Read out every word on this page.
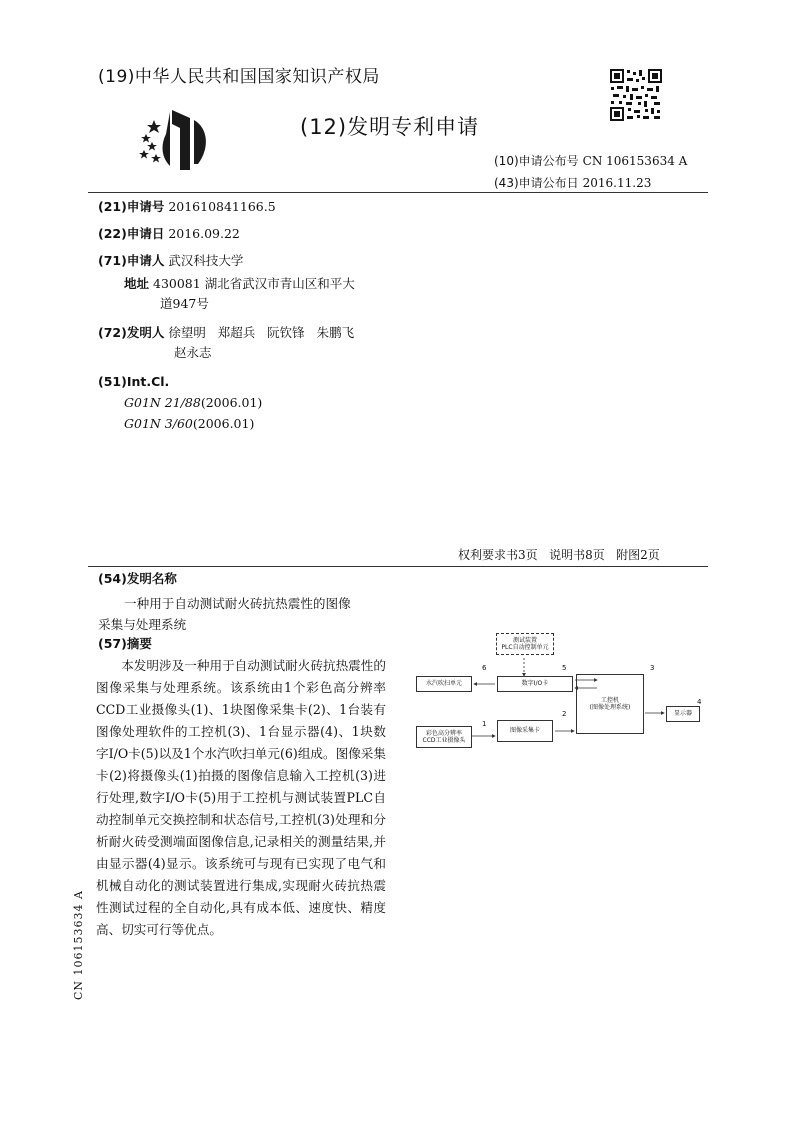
(19)中华人民共和国国家知识产权局
(12)发明专利申请
(10)申请公布号 CN 106153634 A
(43)申请公布日 2016.11.23
(21)申请号 201610841166.5
(22)申请日 2016.09.22
(71)申请人 武汉科技大学
地址 430081 湖北省武汉市青山区和平大
道947号
(72)发明人 徐望明   郑超兵   阮钦锋   朱鹏飞
赵永志
(51)Int.Cl.
G01N 21/88(2006.01)
G01N 3/60(2006.01)
权利要求书3页   说明书8页   附图2页
(54)发明名称
一种用于自动测试耐火砖抗热震性的图像
采集与处理系统
(57)摘要
本发明涉及一种用于自动测试耐火砖抗热震性的图像采集与处理系统。该系统由1个彩色高分辨率CCD工业摄像头(1)、1块图像采集卡(2)、1台装有图像处理软件的工控机(3)、1台显示器(4)、1块数字I/O卡(5)以及1个水汽吹扫单元(6)组成。图像采集卡(2)将摄像头(1)拍摄的图像信息输入工控机(3)进行处理,数字I/O卡(5)用于工控机与测试装置PLC自动控制单元交换控制和状态信号,工控机(3)处理和分析耐火砖受测端面图像信息,记录相关的测量结果,并由显示器(4)显示。该系统可与现有已实现了电气和机械自动化的测试装置进行集成,实现耐火砖抗热震性测试过程的全自动化,具有成本低、速度快、精度高、切实可行等优点。
CN 106153634 A
测试装置
PLC自动控制单元
水汽吹扫单元	数字I/O卡
工控机
(图像处理系统)
显示器
彩色高分辨率
CCD工业摄像头
图像采集卡
1
2
3
4
5
6
